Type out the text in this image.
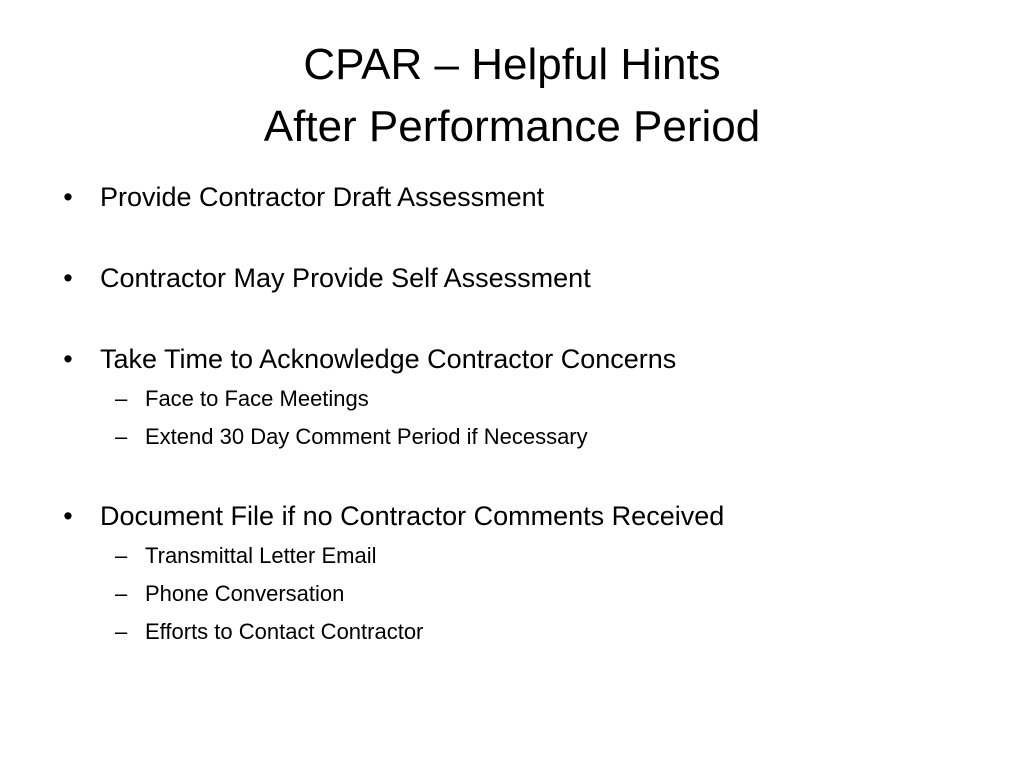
CPAR – Helpful Hints
After Performance Period
• Provide Contractor Draft Assessment
• Contractor May Provide Self Assessment
• Take Time to Acknowledge Contractor Concerns
– Face to Face Meetings
– Extend 30 Day Comment Period if Necessary
• Document File if no Contractor Comments Received
– Transmittal Letter Email
– Phone Conversation
– Efforts to Contact Contractor
